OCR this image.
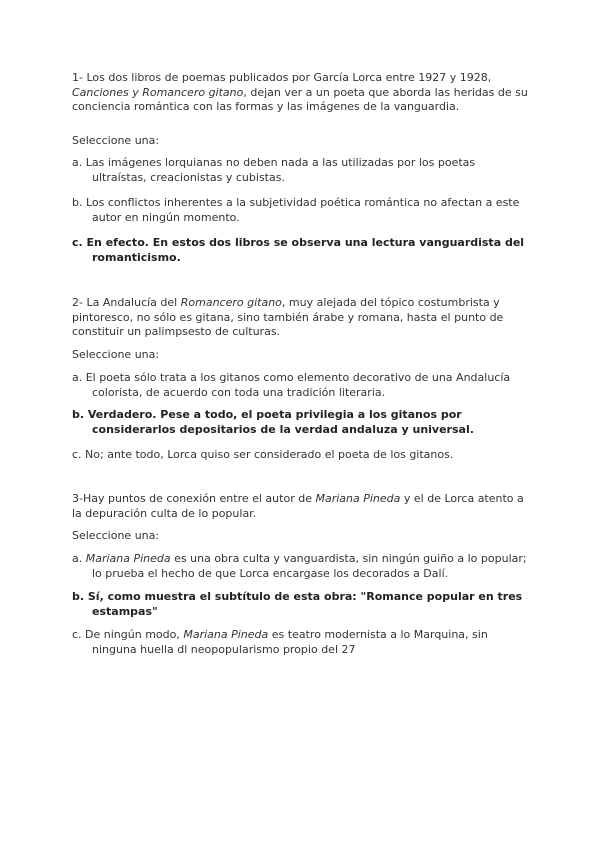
1- Los dos libros de poemas publicados por García Lorca entre 1927 y 1928, Canciones y Romancero gitano, dejan ver a un poeta que aborda las heridas de su conciencia romántica con las formas y las imágenes de la vanguardia.

Seleccione una:

a. Las imágenes lorquianas no deben nada a las utilizadas por los poetas ultraístas, creacionistas y cubistas.
b. Los conflictos inherentes a la subjetividad poética romántica no afectan a este autor en ningún momento.
c. En efecto. En estos dos libros se observa una lectura vanguardista del romanticismo.

2- La Andalucía del Romancero gitano, muy alejada del tópico costumbrista y pintoresco, no sólo es gitana, sino también árabe y romana, hasta el punto de constituir un palimpsesto de culturas.

Seleccione una:

a. El poeta sólo trata a los gitanos como elemento decorativo de una Andalucía colorista, de acuerdo con toda una tradición literaria.
b. Verdadero. Pese a todo, el poeta privilegia a los gitanos por considerarlos depositarios de la verdad andaluza y universal.
c. No; ante todo, Lorca quiso ser considerado el poeta de los gitanos.

3-Hay puntos de conexión entre el autor de Mariana Pineda y el de Lorca atento a la depuración culta de lo popular.

Seleccione una:

a. Mariana Pineda es una obra culta y vanguardista, sin ningún guiño a lo popular; lo prueba el hecho de que Lorca encargase los decorados a Dalí.
b. Sí, como muestra el subtítulo de esta obra: "Romance popular en tres estampas"
c. De ningún modo, Mariana Pineda es teatro modernista a lo Marquina, sin ninguna huella dl neopopularismo propio del 27
